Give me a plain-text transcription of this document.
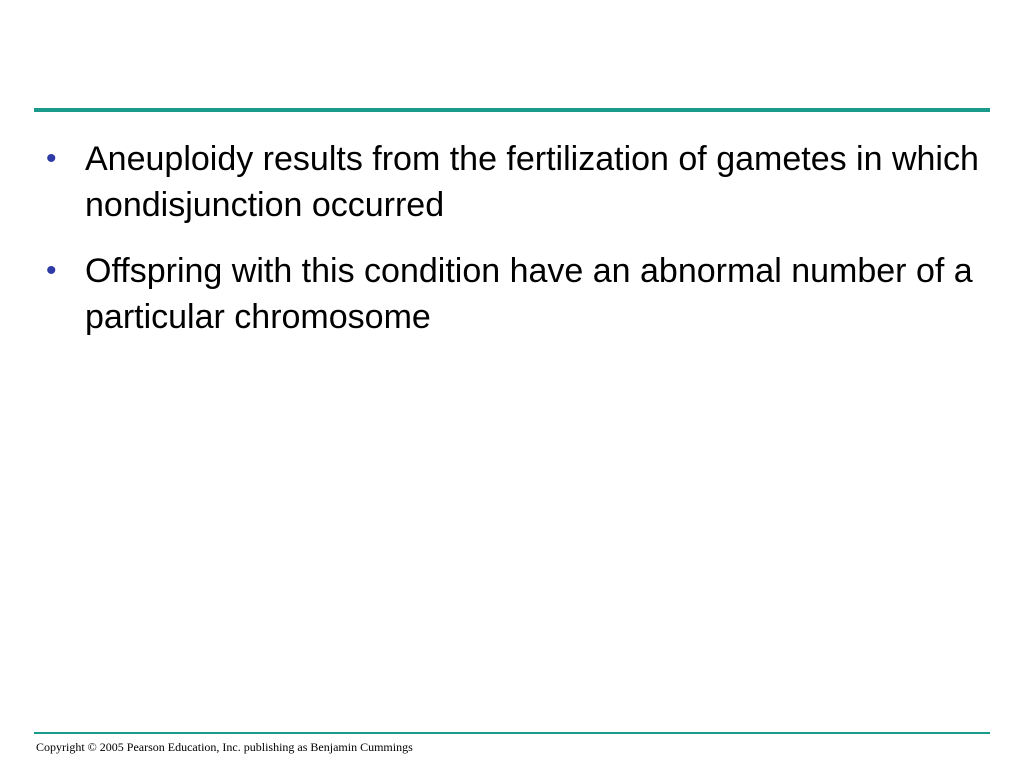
• Aneuploidy results from the fertilization of gametes in which nondisjunction occurred
• Offspring with this condition have an abnormal number of a particular chromosome
Copyright © 2005 Pearson Education, Inc. publishing as Benjamin Cummings
